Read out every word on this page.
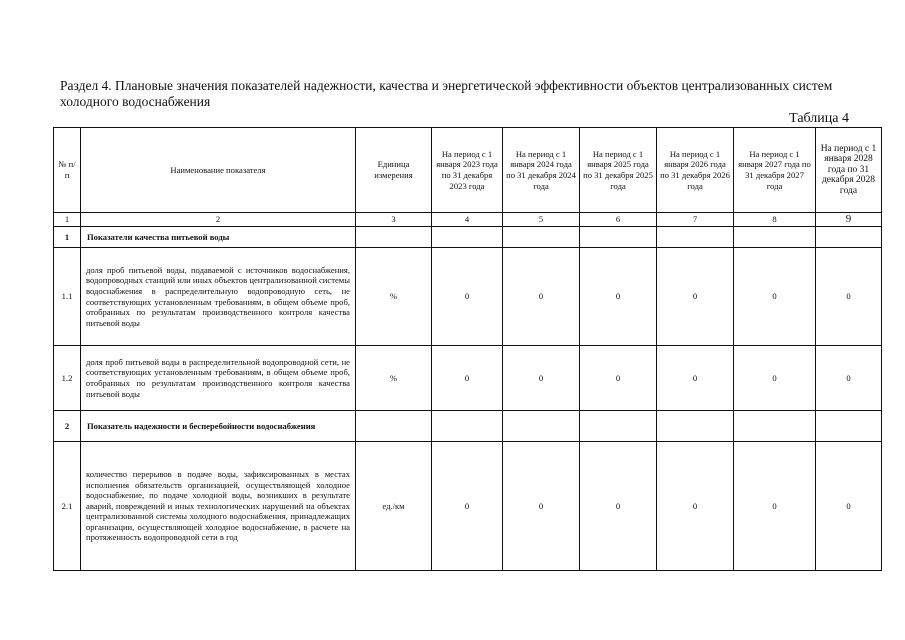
Раздел 4. Плановые значения показателей надежности, качества и энергетической эффективности объектов централизованных систем холодного водоснабжения
Таблица 4
№ п/п	Наименование показателя	Единица измерения	На период с 1 января 2023 года по 31 декабря 2023 года	На период с 1 января 2024 года по 31 декабря 2024 года	На период с 1 января 2025 года по 31 декабря 2025 года	На период с 1 января 2026 года по 31 декабря 2026 года	На период с 1 января 2027 года по 31 декабря 2027 года	На период с 1 января 2028 года по 31 декабря 2028 года
1	2	3	4	5	6	7	8	9
1	Показатели качества питьевой воды							
1.1	доля проб питьевой воды, подаваемой с источников водоснабжения, водопроводных станций или иных объектов централизованной системы водоснабжения в распределительную водопроводную сеть, не соответствующих установленным требованиям, в общем объеме проб, отобранных по результатам производственного контроля качества питьевой воды	%	0	0	0	0	0	0
1.2	доля проб питьевой воды в распределительной водопроводной сети, не соответствующих установленным требованиям, в общем объеме проб, отобранных по результатам производственного контроля качества питьевой воды	%	0	0	0	0	0	0
2	Показатель надежности и бесперебойности водоснабжения							
2.1	количество перерывов в подаче воды, зафиксированных в местах исполнения обязательств организацией, осуществляющей холодное водоснабжение, по подаче холодной воды, возникших в результате аварий, повреждений и иных технологических нарушений на объектах централизованной системы холодного водоснабжения, принадлежащих организации, осуществляющей холодное водоснабжение, в расчете на протяженность водопроводной сети в год	ед./км	0	0	0	0	0	0
